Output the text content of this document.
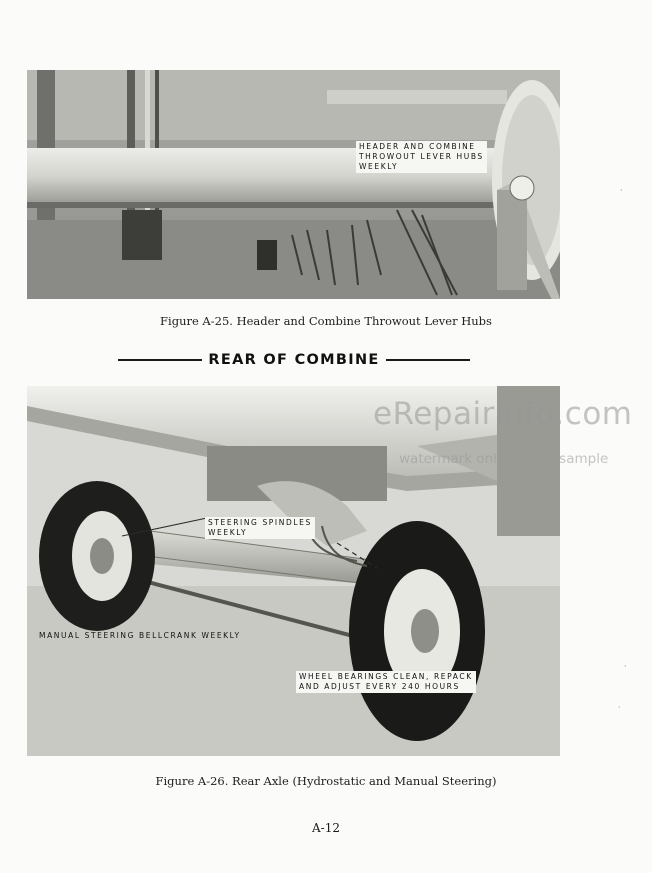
HEADER AND COMBINE
THROWOUT LEVER HUBS
WEEKLY
Figure A-25. Header and Combine Throwout Lever Hubs
REAR OF COMBINE
STEERING SPINDLES
WEEKLY
MANUAL STEERING BELLCRANK WEEKLY
WHEEL BEARINGS CLEAN, REPACK
AND ADJUST EVERY 240 HOURS
eRepairinfo.com
watermark only on this sample
Figure A-26. Rear Axle (Hydrostatic and Manual Steering)
A-12
·
·
·
